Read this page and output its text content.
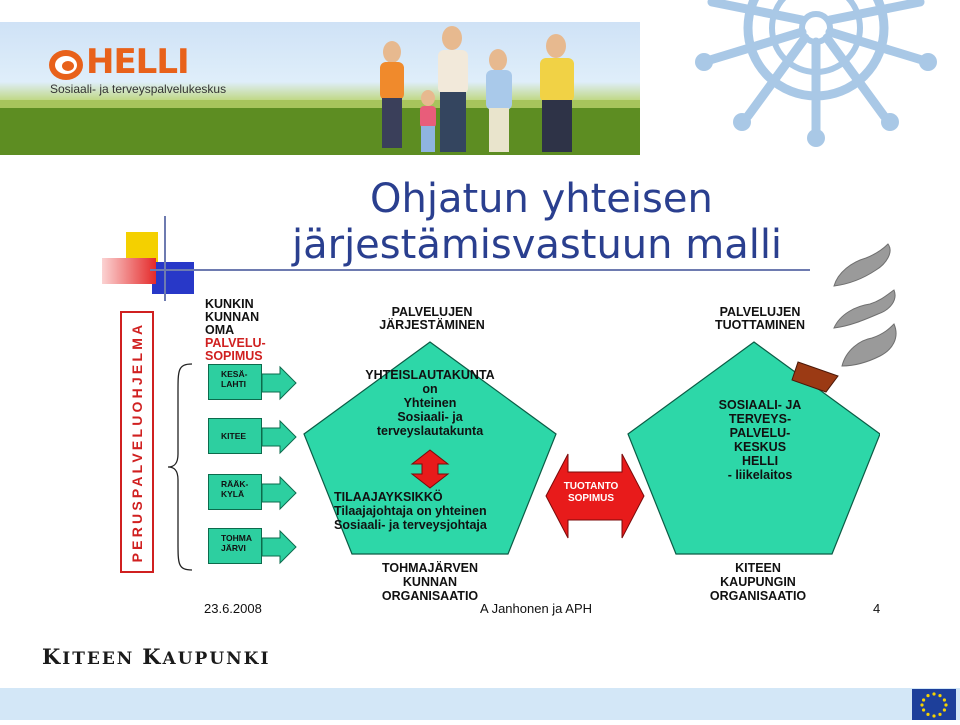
HELLI
Sosiaali- ja terveyspalvelukeskus
Ohjatun yhteisen
järjestämisvastuun malli
KUNKIN
KUNNAN
OMA
PALVELU-
SOPIMUS
PERUSPALVELUOHJELMA	KESÄ-
LAHTI
KITEE
RÄÄK-
KYLÄ
TOHMA
JÄRVI
PALVELUJEN
JÄRJESTÄMINEN
PALVELUJEN
TUOTTAMINEN
YHTEISLAUTAKUNTA
on
Yhteinen
Sosiaali- ja
terveyslautakunta
TILAAJAYKSIKKÖ
Tilaajajohtaja on yhteinen
Sosiaali- ja terveysjohtaja
TUOTANTO
SOPIMUS
SOSIAALI- JA
TERVEYS-
PALVELU-
KESKUS
HELLI
- liikelaitos
TOHMAJÄRVEN
KUNNAN
ORGANISAATIO
KITEEN
KAUPUNGIN
ORGANISAATIO
23.6.2008	A Janhonen ja APH	4
KITEEN KAUPUNKI
